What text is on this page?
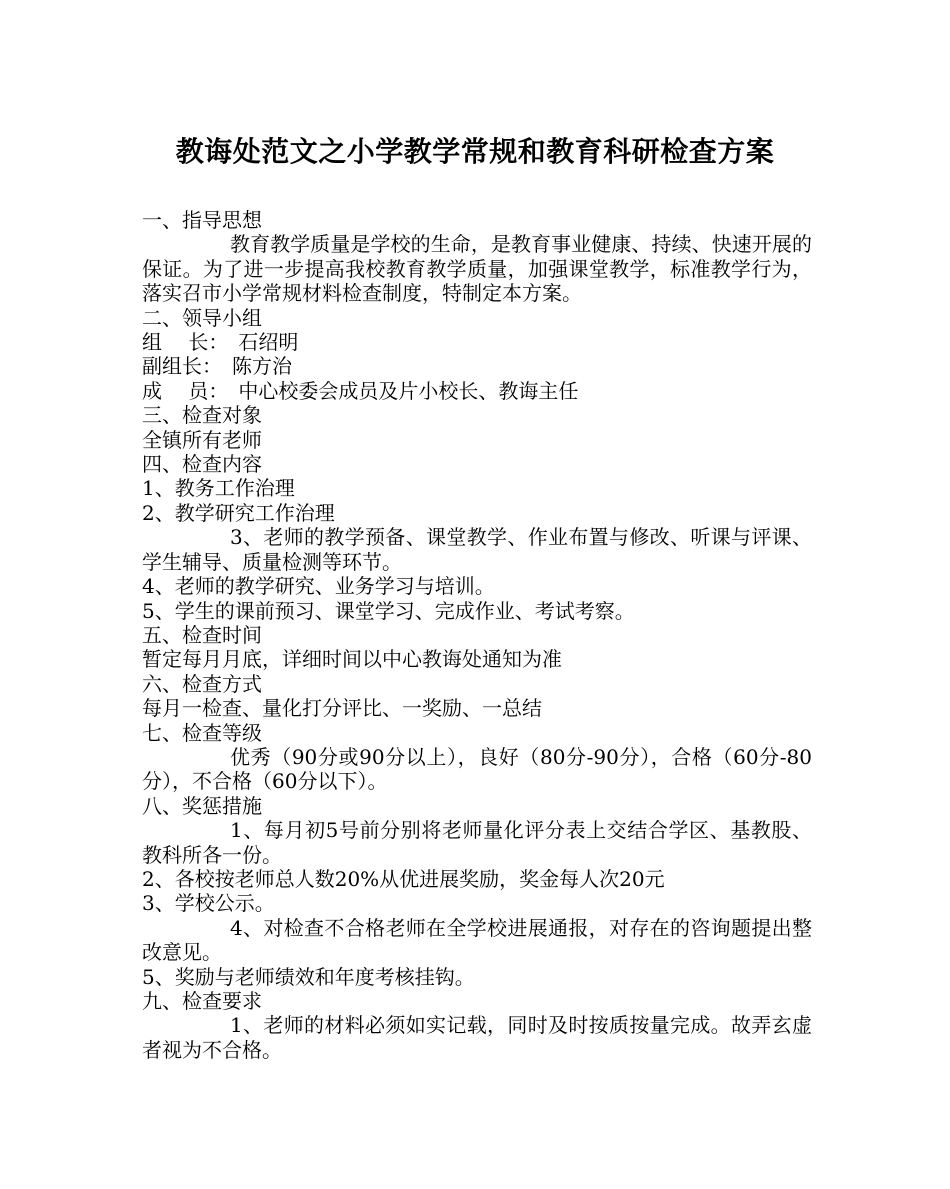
教诲处范文之小学教学常规和教育科研检查方案

一、指导思想

教育教学质量是学校的生命，是教育事业健康、持续、快速开展的保证。为了进一步提高我校教育教学质量，加强课堂教学，标准教学行为，落实召市小学常规材料检查制度，特制定本方案。

二、领导小组

组　 长：　石绍明

副组长：　陈方治

成　 员：　中心校委会成员及片小校长、教诲主任

三、检查对象

全镇所有老师

四、检查内容

1、教务工作治理

2、教学研究工作治理

3、老师的教学预备、课堂教学、作业布置与修改、听课与评课、学生辅导、质量检测等环节。

4、老师的教学研究、业务学习与培训。

5、学生的课前预习、课堂学习、完成作业、考试考察。

五、检查时间

暂定每月月底，详细时间以中心教诲处通知为准

六、检查方式

每月一检查、量化打分评比、一奖励、一总结

七、检查等级

优秀（90分或90分以上），良好（80分-90分），合格（60分-80分），不合格（60分以下）。

八、奖惩措施

1、每月初5号前分别将老师量化评分表上交结合学区、基教股、教科所各一份。

2、各校按老师总人数20%从优进展奖励，奖金每人次20元

3、学校公示。

4、对检查不合格老师在全学校进展通报，对存在的咨询题提出整改意见。

5、奖励与老师绩效和年度考核挂钩。

九、检查要求

1、老师的材料必须如实记载，同时及时按质按量完成。故弄玄虚者视为不合格。
